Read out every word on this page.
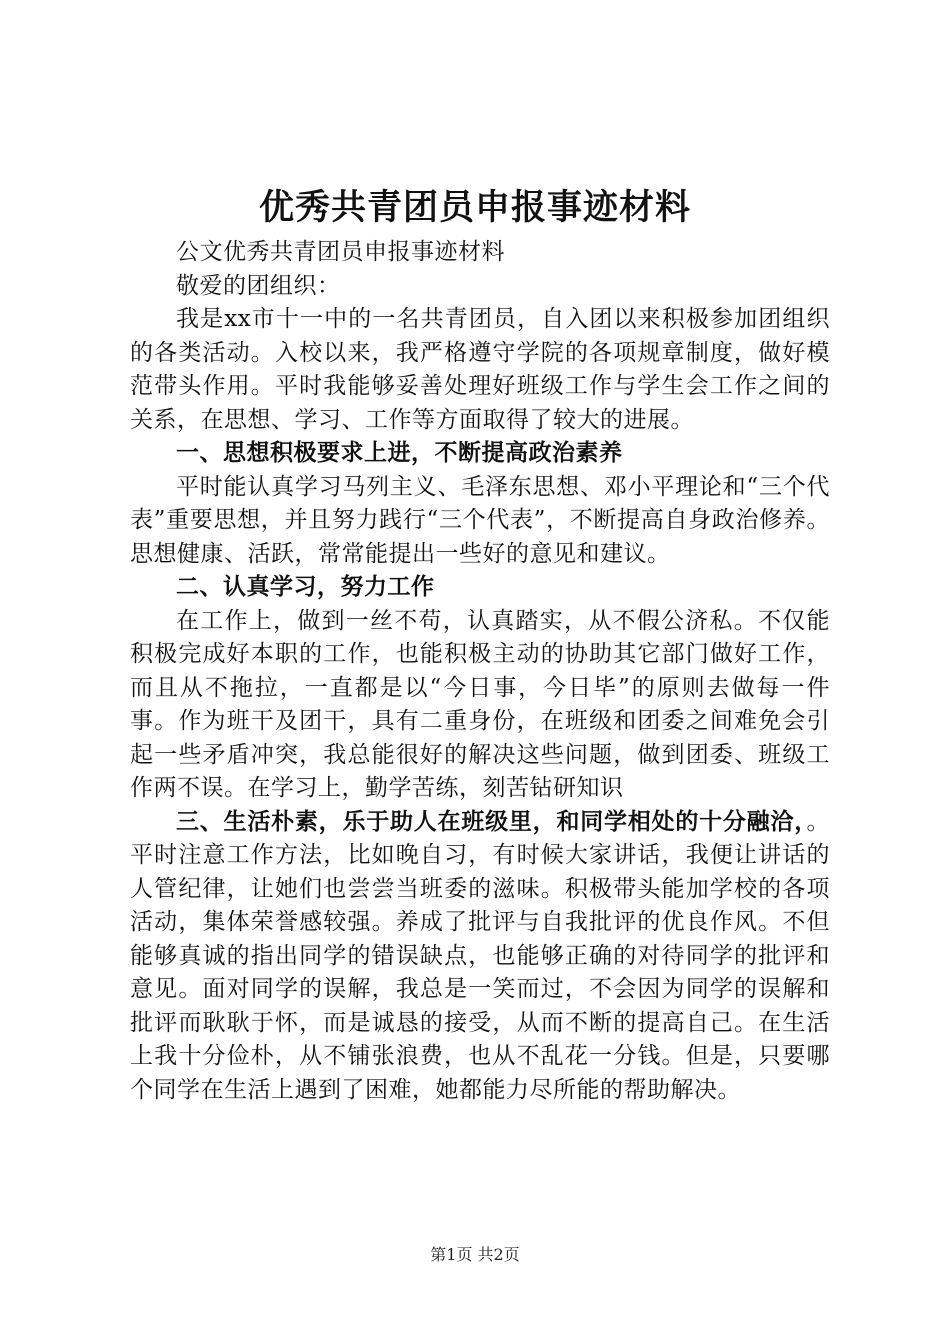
优秀共青团员申报事迹材料

公文优秀共青团员申报事迹材料

敬爱的团组织：

我是xx市十一中的一名共青团员，自入团以来积极参加团组织的各类活动。入校以来，我严格遵守学院的各项规章制度，做好模范带头作用。平时我能够妥善处理好班级工作与学生会工作之间的关系，在思想、学习、工作等方面取得了较大的进展。

一、思想积极要求上进，不断提高政治素养

平时能认真学习马列主义、毛泽东思想、邓小平理论和“三个代表”重要思想，并且努力践行“三个代表”，不断提高自身政治修养。思想健康、活跃，常常能提出一些好的意见和建议。

二、认真学习，努力工作

在工作上，做到一丝不苟，认真踏实，从不假公济私。不仅能积极完成好本职的工作，也能积极主动的协助其它部门做好工作，而且从不拖拉，一直都是以“今日事，今日毕”的原则去做每一件事。作为班干及团干，具有二重身份，在班级和团委之间难免会引起一些矛盾冲突，我总能很好的解决这些问题，做到团委、班级工作两不误。在学习上，勤学苦练，刻苦钻研知识

三、生活朴素，乐于助人在班级里，和同学相处的十分融洽，。平时注意工作方法，比如晚自习，有时候大家讲话，我便让讲话的人管纪律，让她们也尝尝当班委的滋味。积极带头能加学校的各项活动，集体荣誉感较强。养成了批评与自我批评的优良作风。不但能够真诚的指出同学的错误缺点，也能够正确的对待同学的批评和意见。面对同学的误解，我总是一笑而过，不会因为同学的误解和批评而耿耿于怀，而是诚恳的接受，从而不断的提高自己。在生活上我十分俭朴，从不铺张浪费，也从不乱花一分钱。但是，只要哪个同学在生活上遇到了困难，她都能力尽所能的帮助解决。

第1页 共2页
